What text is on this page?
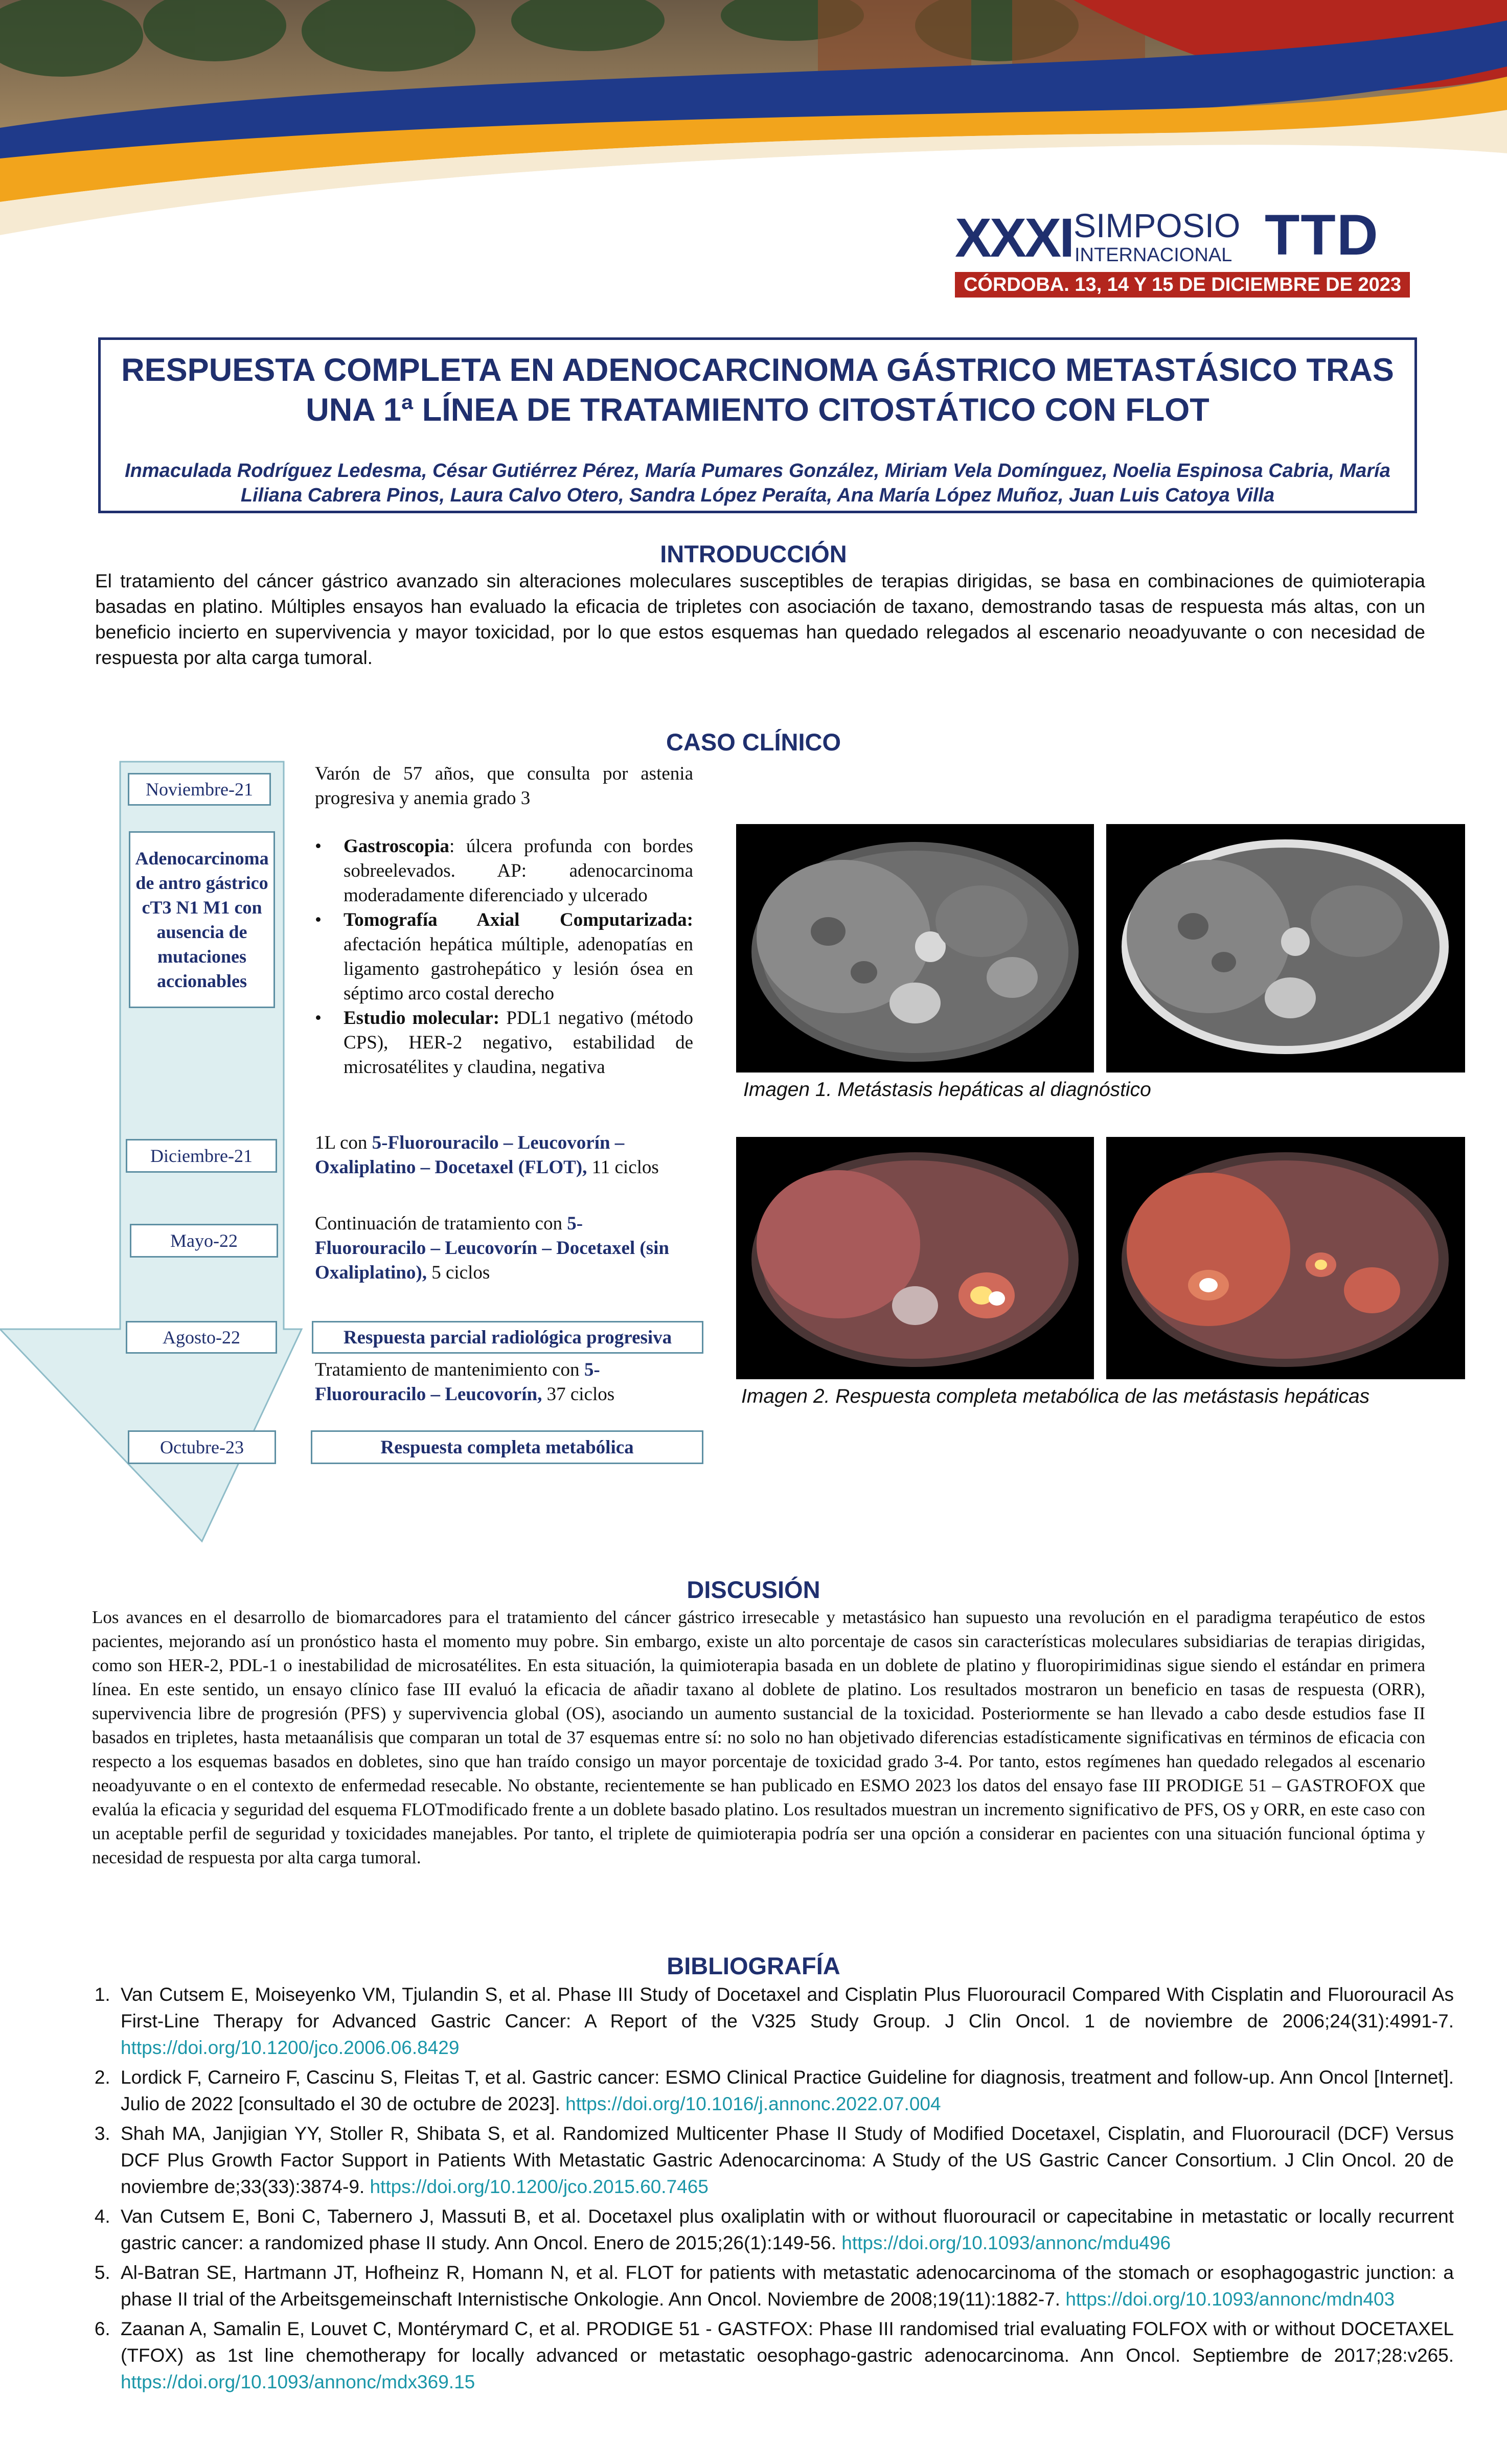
XXXI SIMPOSIO
INTERNACIONAL TTD
CÓRDOBA. 13, 14 Y 15 DE DICIEMBRE DE 2023
RESPUESTA COMPLETA EN ADENOCARCINOMA GÁSTRICO METASTÁSICO TRAS UNA 1ª LÍNEA DE TRATAMIENTO CITOSTÁTICO CON FLOT
Inmaculada Rodríguez Ledesma, César Gutiérrez Pérez, María Pumares González, Miriam Vela Domínguez, Noelia Espinosa Cabria, María Liliana Cabrera Pinos, Laura Calvo Otero, Sandra López Peraíta, Ana María López Muñoz, Juan Luis Catoya Villa
INTRODUCCIÓN
El tratamiento del cáncer gástrico avanzado sin alteraciones moleculares susceptibles de terapias dirigidas, se basa en combinaciones de quimioterapia basadas en platino. Múltiples ensayos han evaluado la eficacia de tripletes con asociación de taxano, demostrando tasas de respuesta más altas, con un beneficio incierto en supervivencia y mayor toxicidad, por lo que estos esquemas han quedado relegados al escenario neoadyuvante o con necesidad de respuesta por alta carga tumoral.
CASO CLÍNICO
Noviembre-21
Adenocarcinoma de antro gástrico cT3 N1 M1 con ausencia de mutaciones accionables
Diciembre-21
Mayo-22
Agosto-22
Octubre-23
Varón de 57 años, que consulta por astenia progresiva y anemia grado 3
• Gastroscopia: úlcera profunda con bordes sobreelevados. AP: adenocarcinoma moderadamente diferenciado y ulcerado
• Tomografía Axial Computarizada: afectación hepática múltiple, adenopatías en ligamento gastrohepático y lesión ósea en séptimo arco costal derecho
• Estudio molecular: PDL1 negativo (método CPS), HER-2 negativo, estabilidad de microsatélites y claudina, negativa
1L con 5-Fluorouracilo – Leucovorín – Oxaliplatino – Docetaxel (FLOT), 11 ciclos
Continuación de tratamiento con 5-Fluorouracilo – Leucovorín – Docetaxel (sin Oxaliplatino), 5 ciclos
Respuesta parcial radiológica progresiva
Tratamiento de mantenimiento con 5-Fluorouracilo – Leucovorín, 37 ciclos
Respuesta completa metabólica
Imagen 1. Metástasis hepáticas al diagnóstico
Imagen 2. Respuesta completa metabólica de las metástasis hepáticas
DISCUSIÓN
Los avances en el desarrollo de biomarcadores para el tratamiento del cáncer gástrico irresecable y metastásico han supuesto una revolución en el paradigma terapéutico de estos pacientes, mejorando así un pronóstico hasta el momento muy pobre. Sin embargo, existe un alto porcentaje de casos sin características moleculares subsidiarias de terapias dirigidas, como son HER-2, PDL-1 o inestabilidad de microsatélites. En esta situación, la quimioterapia basada en un doblete de platino y fluoropirimidinas sigue siendo el estándar en primera línea. En este sentido, un ensayo clínico fase III evaluó la eficacia de añadir taxano al doblete de platino. Los resultados mostraron un beneficio en tasas de respuesta (ORR), supervivencia libre de progresión (PFS) y supervivencia global (OS), asociando un aumento sustancial de la toxicidad. Posteriormente se han llevado a cabo desde estudios fase II basados en tripletes, hasta metaanálisis que comparan un total de 37 esquemas entre sí: no solo no han objetivado diferencias estadísticamente significativas en términos de eficacia con respecto a los esquemas basados en dobletes, sino que han traído consigo un mayor porcentaje de toxicidad grado 3-4. Por tanto, estos regímenes han quedado relegados al escenario neoadyuvante o en el contexto de enfermedad resecable. No obstante, recientemente se han publicado en ESMO 2023 los datos del ensayo fase III PRODIGE 51 – GASTROFOX que evalúa la eficacia y seguridad del esquema FLOTmodificado frente a un doblete basado platino. Los resultados muestran un incremento significativo de PFS, OS y ORR, en este caso con un aceptable perfil de seguridad y toxicidades manejables. Por tanto, el triplete de quimioterapia podría ser una opción a considerar en pacientes con una situación funcional óptima y necesidad de respuesta por alta carga tumoral.
BIBLIOGRAFÍA
1. Van Cutsem E, Moiseyenko VM, Tjulandin S, et al. Phase III Study of Docetaxel and Cisplatin Plus Fluorouracil Compared With Cisplatin and Fluorouracil As First-Line Therapy for Advanced Gastric Cancer: A Report of the V325 Study Group. J Clin Oncol. 1 de noviembre de 2006;24(31):4991-7. https://doi.org/10.1200/jco.2006.06.8429
2. Lordick F, Carneiro F, Cascinu S, Fleitas T, et al. Gastric cancer: ESMO Clinical Practice Guideline for diagnosis, treatment and follow-up. Ann Oncol [Internet]. Julio de 2022 [consultado el 30 de octubre de 2023]. https://doi.org/10.1016/j.annonc.2022.07.004
3. Shah MA, Janjigian YY, Stoller R, Shibata S, et al. Randomized Multicenter Phase II Study of Modified Docetaxel, Cisplatin, and Fluorouracil (DCF) Versus DCF Plus Growth Factor Support in Patients With Metastatic Gastric Adenocarcinoma: A Study of the US Gastric Cancer Consortium. J Clin Oncol. 20 de noviembre de;33(33):3874-9. https://doi.org/10.1200/jco.2015.60.7465
4. Van Cutsem E, Boni C, Tabernero J, Massuti B, et al. Docetaxel plus oxaliplatin with or without fluorouracil or capecitabine in metastatic or locally recurrent gastric cancer: a randomized phase II study. Ann Oncol. Enero de 2015;26(1):149-56. https://doi.org/10.1093/annonc/mdu496
5. Al-Batran SE, Hartmann JT, Hofheinz R, Homann N, et al. FLOT for patients with metastatic adenocarcinoma of the stomach or esophagogastric junction: a phase II trial of the Arbeitsgemeinschaft Internistische Onkologie. Ann Oncol. Noviembre de 2008;19(11):1882-7. https://doi.org/10.1093/annonc/mdn403
6. Zaanan A, Samalin E, Louvet C, Montérymard C, et al. PRODIGE 51 - GASTFOX: Phase III randomised trial evaluating FOLFOX with or without DOCETAXEL (TFOX) as 1st line chemotherapy for locally advanced or metastatic oesophago-gastric adenocarcinoma. Ann Oncol. Septiembre de 2017;28:v265. https://doi.org/10.1093/annonc/mdx369.15
